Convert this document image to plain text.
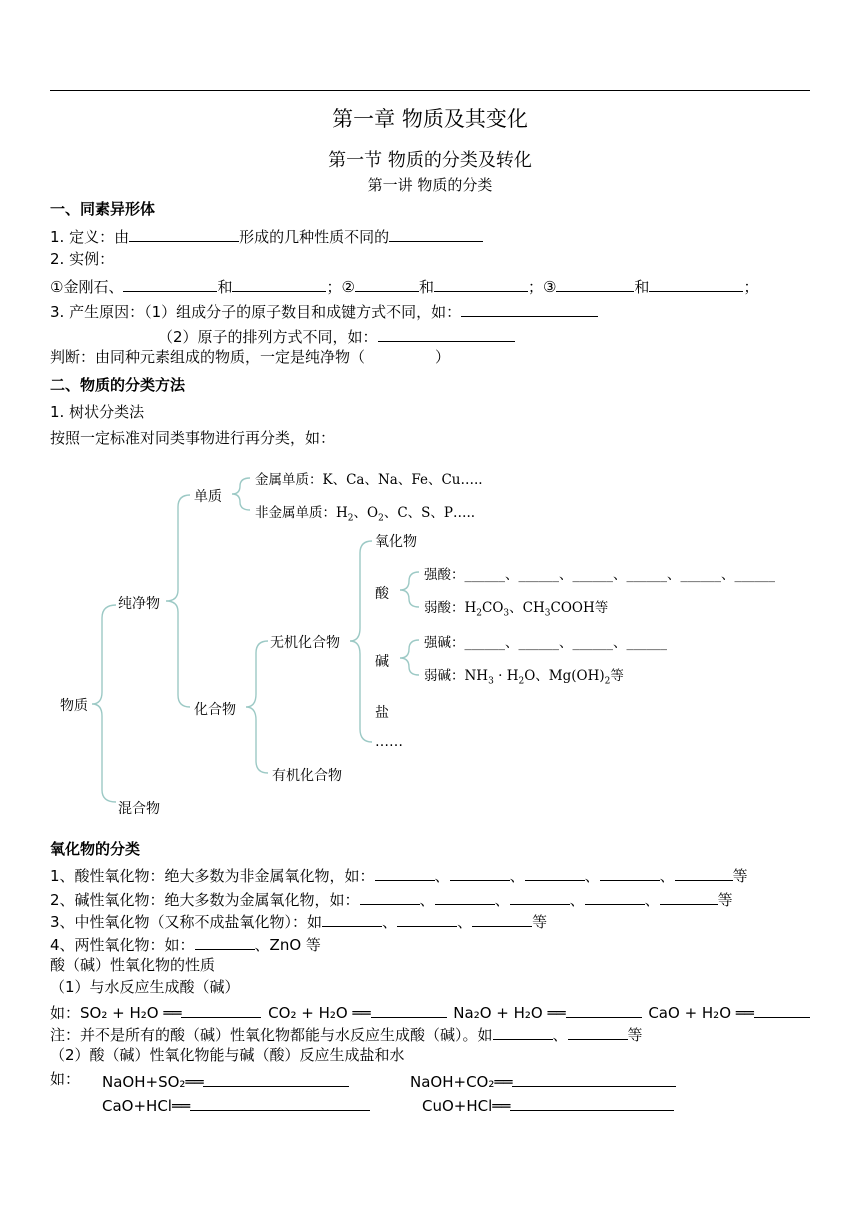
第一章 物质及其变化
第一节 物质的分类及转化
第一讲 物质的分类
一、同素异形体
1. 定义：由	形成的几种性质不同的
2. 实例：
①金刚石、	和	；②	和	；③	和	；
3. 产生原因：（1）组成分子的原子数目和成键方式不同，如：
（2）原子的排列方式不同，如：
判断：由同种元素组成的物质，一定是纯净物（	）
二、物质的分类方法
1. 树状分类法
按照一定标准对同类事物进行再分类，如：
物质
纯净物
混合物
单质
化合物
金属单质：K、Ca、Na、Fe、Cu…..
非金属单质：$H_2$、$O_2$、C、S、P…..
无机化合物
有机化合物
氧化物
酸
碱
盐
……
强酸：______、______、______、______、______、______
弱酸：$H_2CO_3$、$CH_3COOH$等
强碱：______、______、______、______
弱碱：$NH_3 \cdot H_2O$、$Mg(OH)_2$等
氧化物的分类
1、酸性氧化物：绝大多数为非金属氧化物，如：	、	、	、	、	等
2、碱性氧化物：绝大多数为金属氧化物，如：	、	、	、	、	等
3、中性氧化物（又称不成盐氧化物）：如	、	、	等
4、两性氧化物：如：	、ZnO 等
酸（碱）性氧化物的性质
（1）与水反应生成酸（碱）
如：SO₂ + H₂O ══	CO₂ + H₂O ══	Na₂O + H₂O ══	CaO + H₂O ══
注：并不是所有的酸（碱）性氧化物都能与水反应生成酸（碱）。如	、	等
（2）酸（碱）性氧化物能与碱（酸）反应生成盐和水
如： NaOH+SO₂══	NaOH+CO₂══
CaO+HCl══	CuO+HCl══
